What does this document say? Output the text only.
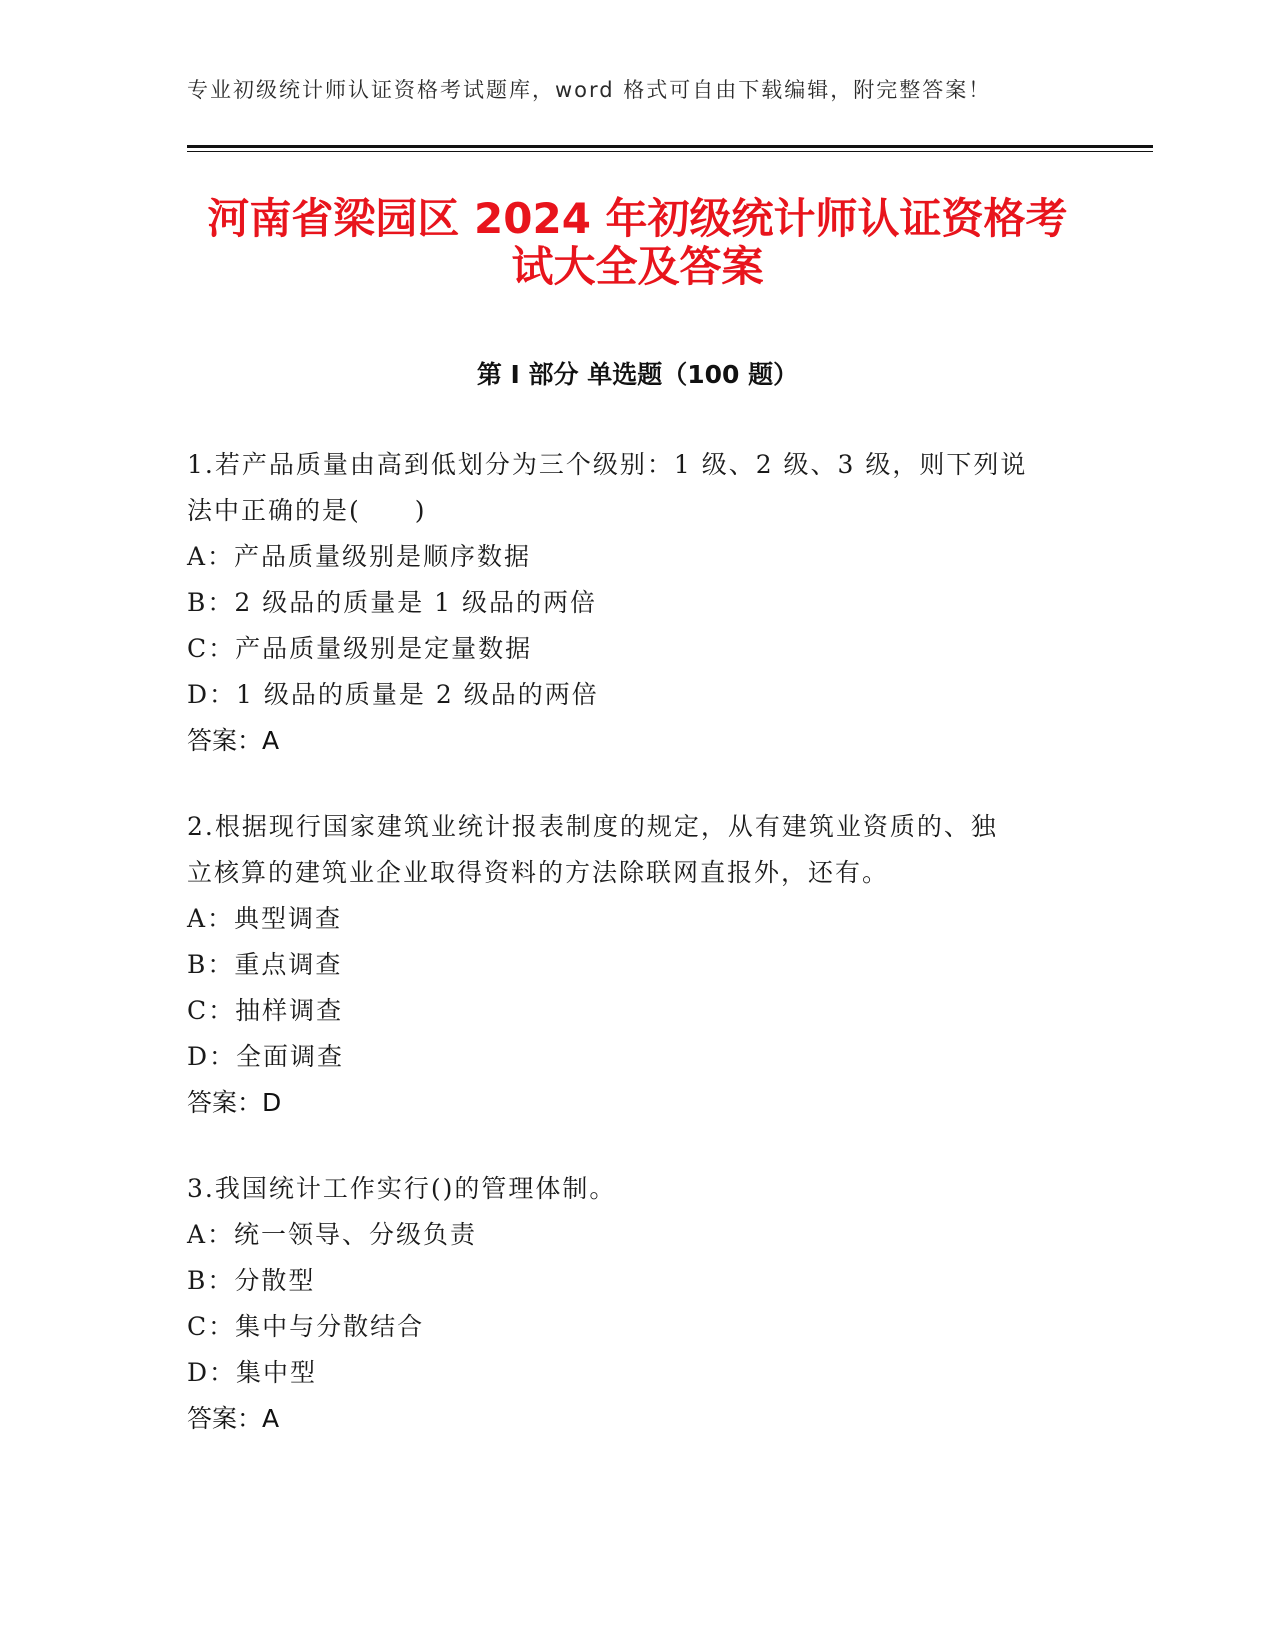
专业初级统计师认证资格考试题库，word 格式可自由下载编辑，附完整答案！
河南省梁园区 2024 年初级统计师认证资格考
试大全及答案
第 I 部分 单选题（100 题）
1.若产品质量由高到低划分为三个级别：1 级、2 级、3 级，则下列说
法中正确的是(　　)
A：产品质量级别是顺序数据
B：2 级品的质量是 1 级品的两倍
C：产品质量级别是定量数据
D：1 级品的质量是 2 级品的两倍
答案：A
2.根据现行国家建筑业统计报表制度的规定，从有建筑业资质的、独
立核算的建筑业企业取得资料的方法除联网直报外，还有。
A：典型调查
B：重点调查
C：抽样调查
D：全面调查
答案：D
3.我国统计工作实行()的管理体制。
A：统一领导、分级负责
B：分散型
C：集中与分散结合
D：集中型
答案：A
